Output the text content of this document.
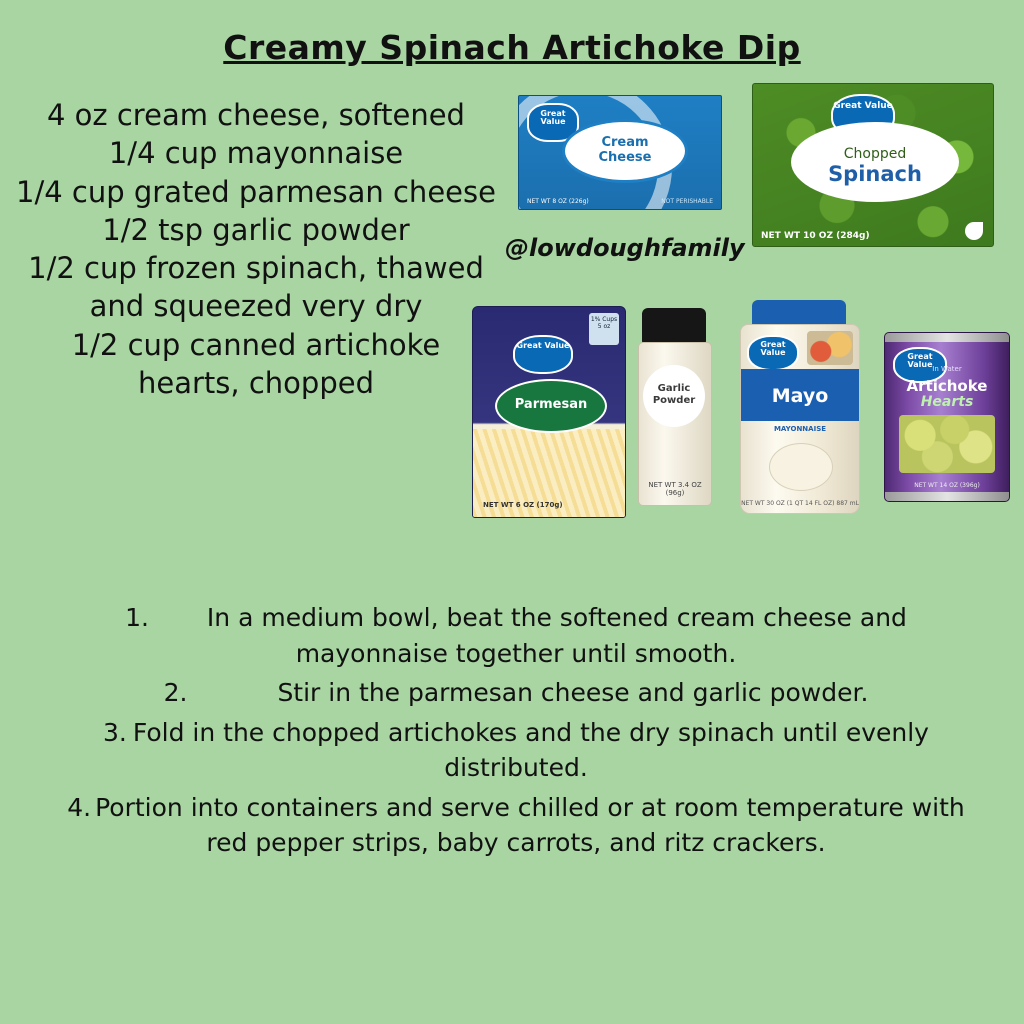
Creamy Spinach Artichoke Dip
4 oz cream cheese, softened
1/4 cup mayonnaise
1/4 cup grated parmesan cheese
1/2 tsp garlic powder
1/2 cup frozen spinach, thawed
and squeezed very dry
1/2 cup canned artichoke
hearts, chopped
@lowdoughfamily
Great Value
Cream
Cheese
NET WT 8 OZ (226g)	NOT PERISHABLE
Great Value
Chopped
Spinach
NET WT 10 OZ (284g)
1% Cups 5 oz
Great Value
Parmesan
NET WT 6 OZ (170g)
Garlic
Powder
NET WT 3.4 OZ (96g)
Great Value
Mayo
MAYONNAISE
NET WT 30 OZ (1 QT 14 FL OZ) 887 mL
Great Value In Water
Artichoke
Hearts
NET WT 14 OZ (396g)
1. In a medium bowl, beat the softened cream cheese and mayonnaise together until smooth.
2.	Stir in the parmesan cheese and garlic powder.
3. Fold in the chopped artichokes and the dry spinach until evenly distributed.
4. Portion into containers and serve chilled or at room temperature with red pepper strips, baby carrots, and ritz crackers.
